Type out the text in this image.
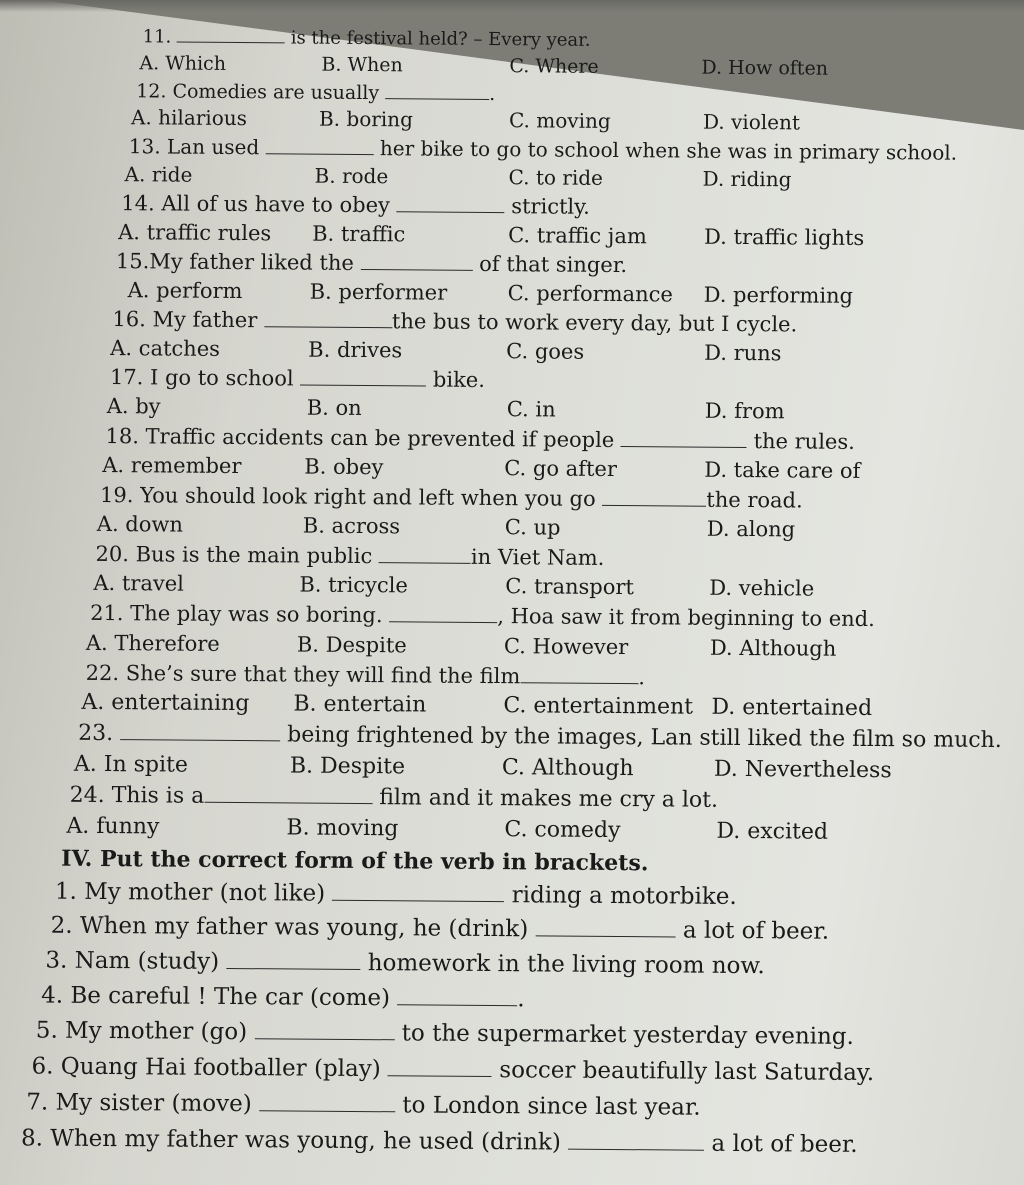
11.	is the festival held? – Every year.
A. Which	B. When	C. Where	D. How often
12. Comedies are usually	.
A. hilarious	B. boring	C. moving	D. violent
13. Lan used	her bike to go to school when she was in primary school.
A. ride	B. rode	C. to ride	D. riding
14. All of us have to obey	strictly.
A. traffic rules B. traffic	C. traffic jam	D. traffic lights
15.My father liked the	of that singer.
A. perform	B. performer	C. performance D. performing
16. My father	the bus to work every day, but I cycle.
A. catches	B. drives	C. goes	D. runs
17. I go to school	bike.
A. by	B. on	C. in	D. from
18. Traffic accidents can be prevented if people	the rules.
A. remember	B. obey	C. go after	D. take care of
19. You should look right and left when you go	the road.
A. down	B. across	C. up	D. along
20. Bus is the main public	in Viet Nam.
A. travel	B. tricycle	C. transport	D. vehicle
21. The play was so boring.	, Hoa saw it from beginning to end.
A. Therefore	B. Despite	C. However	D. Although
22. She’s sure that they will find the film	.
A. entertaining B. entertain	C. entertainment D. entertained
23.	being frightened by the images, Lan still liked the film so much.
A. In spite	B. Despite	C. Although	D. Nevertheless
24. This is a	film and it makes me cry a lot.
A. funny	B. moving	C. comedy	D. excited
IV. Put the correct form of the verb in brackets.
1. My mother (not like)	riding a motorbike.
2. When my father was young, he (drink)	a lot of beer.
3. Nam (study)	homework in the living room now.
4. Be careful ! The car (come)	.
5. My mother (go)	to the supermarket yesterday evening.
6. Quang Hai footballer (play)	soccer beautifully last Saturday.
7. My sister (move)	to London since last year.
8. When my father was young, he used (drink)	a lot of beer.
